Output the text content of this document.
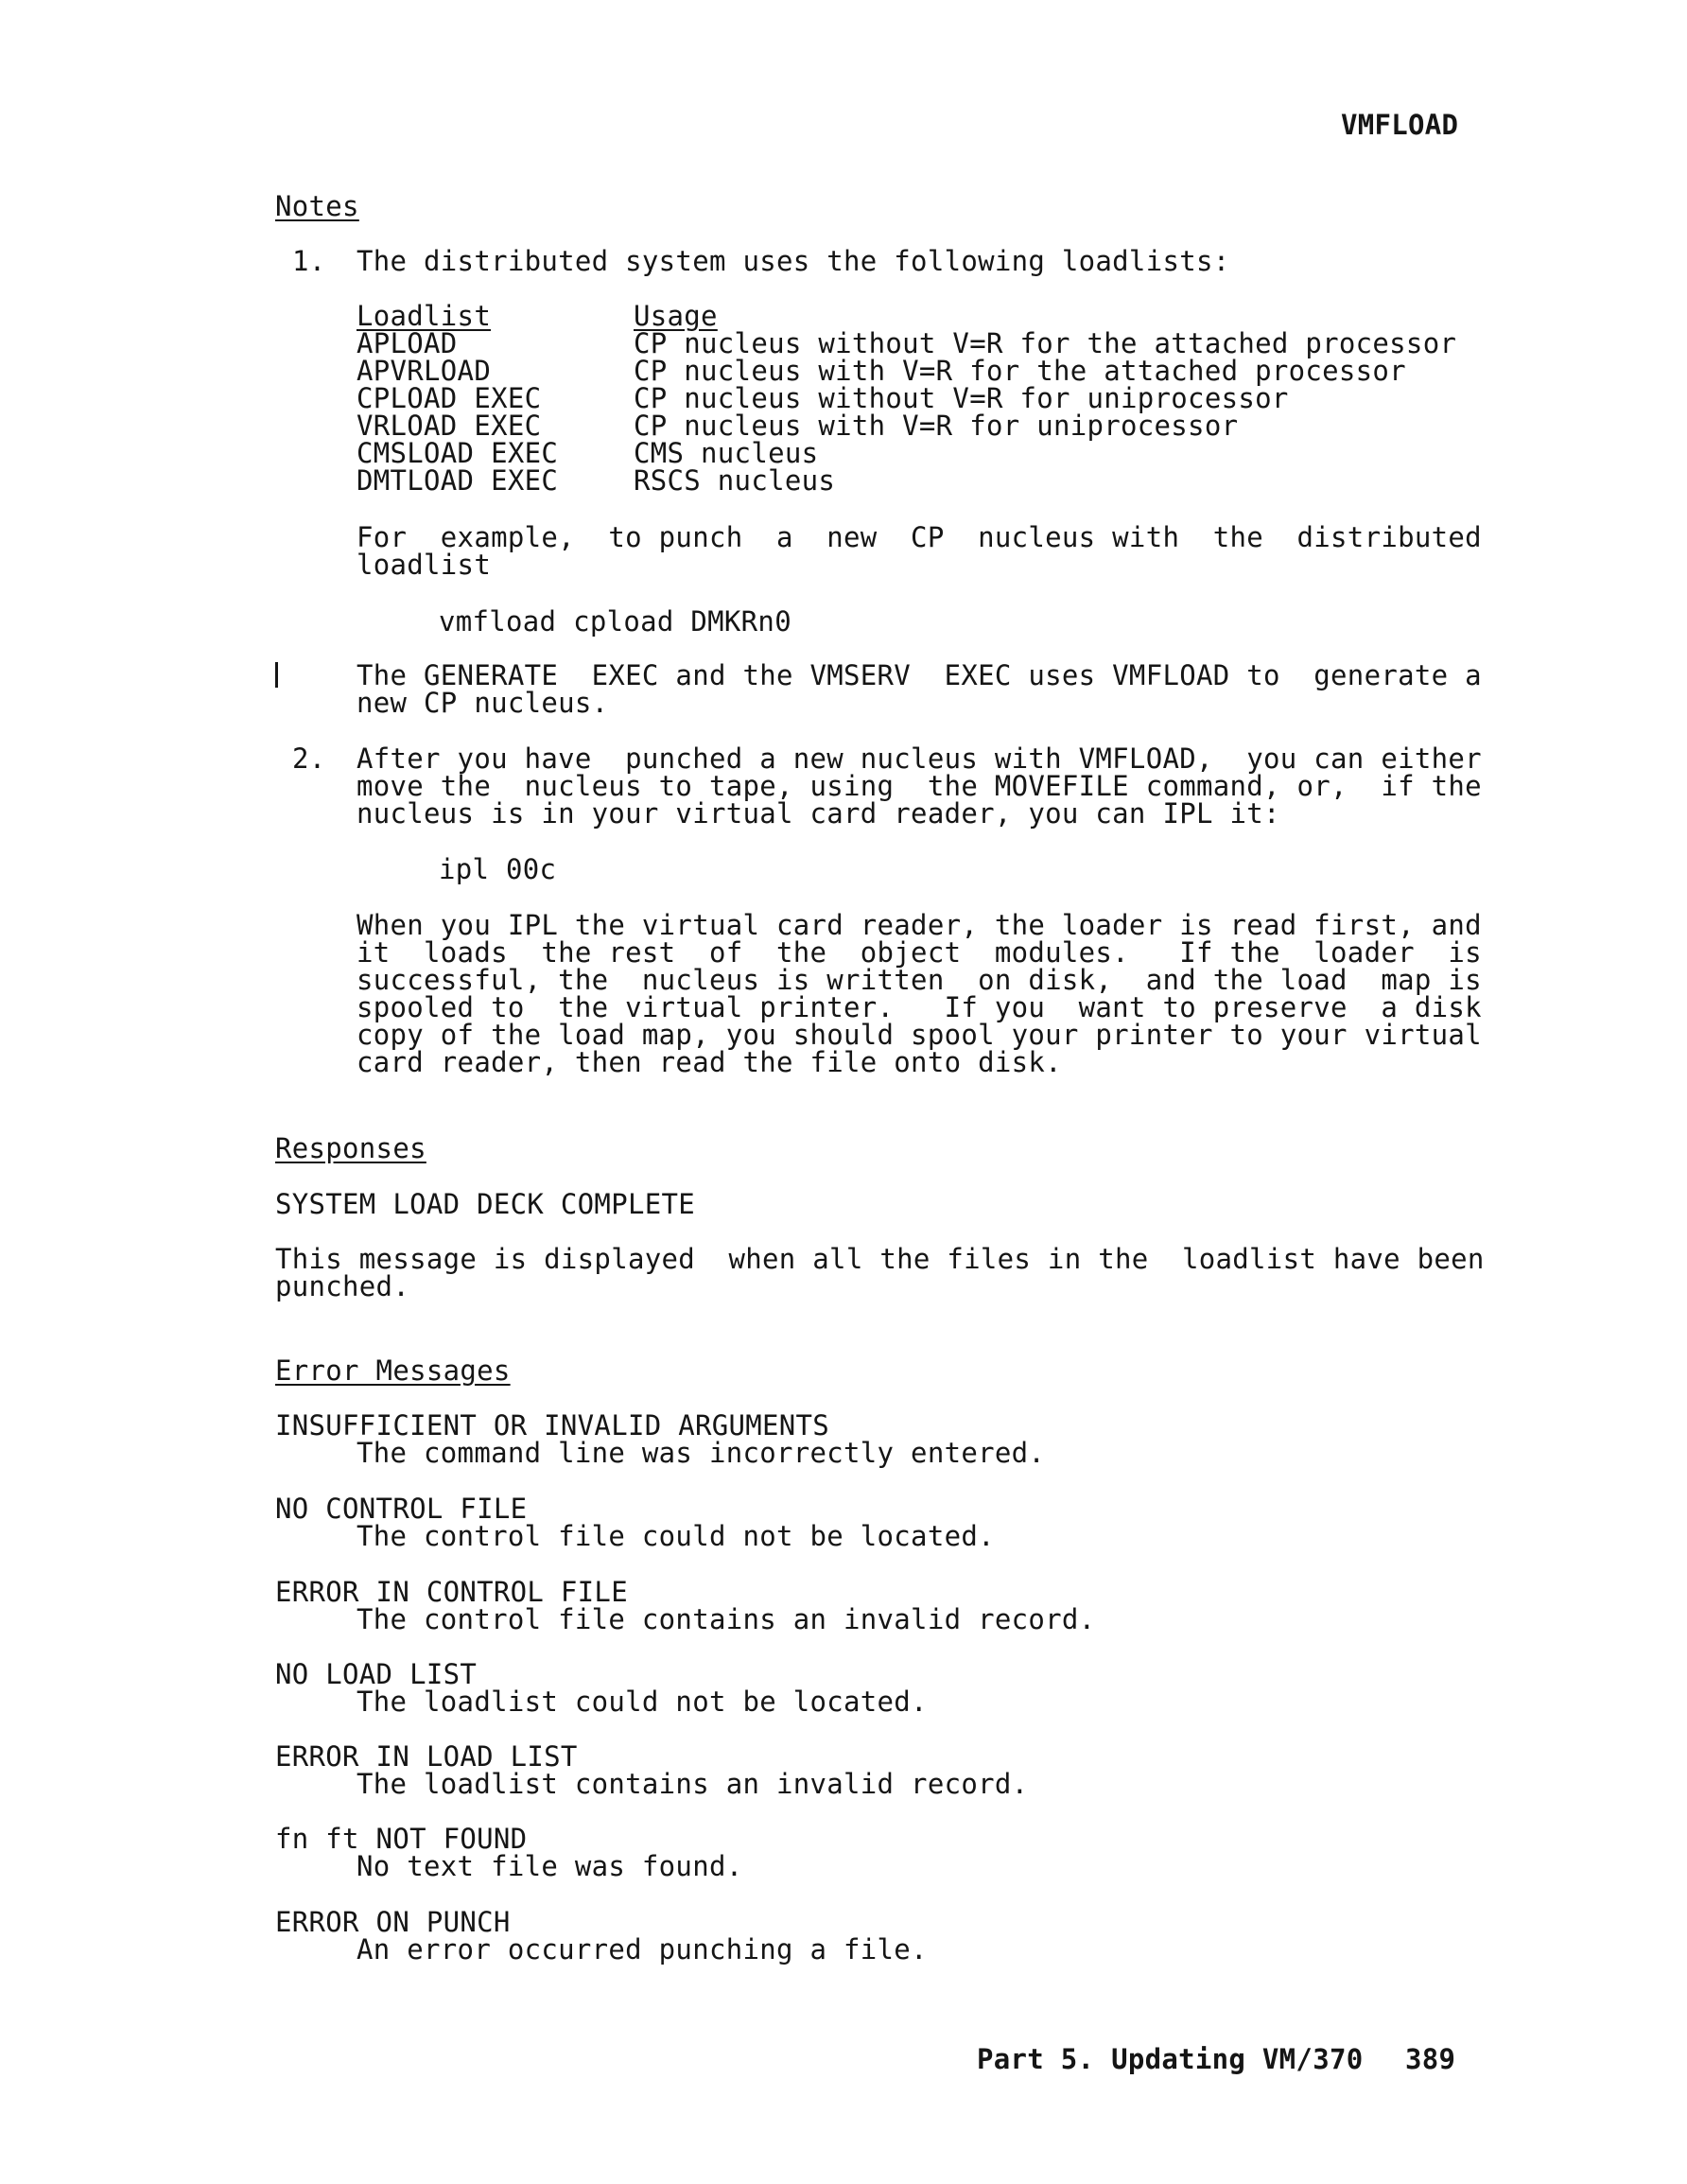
VMFLOAD
Notes
1. The distributed system uses the following loadlists:
Loadlist	Usage
APLOAD	CP nucleus without V=R for the attached processor
APVRLOAD	CP nucleus with V=R for the attached processor
CPLOAD EXEC	CP nucleus without V=R for uniprocessor
VRLOAD EXEC	CP nucleus with V=R for uniprocessor
CMSLOAD EXEC	CMS nucleus
DMTLOAD EXEC	RSCS nucleus
For  example,  to punch  a  new  CP  nucleus with  the  distributed
loadlist
vmfload cpload DMKRn0
The GENERATE  EXEC and the VMSERV  EXEC uses VMFLOAD to  generate a
new CP nucleus.
2. After you have  punched a new nucleus with VMFLOAD,  you can either
move the  nucleus to tape, using  the MOVEFILE command, or,  if the
nucleus is in your virtual card reader, you can IPL it:
ipl 00c
When you IPL the virtual card reader, the loader is read first, and
it  loads  the rest  of  the  object  modules.   If the  loader  is
successful, the  nucleus is written  on disk,  and the load  map is
spooled to  the virtual printer.   If you  want to preserve  a disk
copy of the load map, you should spool your printer to your virtual
card reader, then read the file onto disk.
Responses
SYSTEM LOAD DECK COMPLETE
This message is displayed  when all the files in the  loadlist have been
punched.
Error Messages
INSUFFICIENT OR INVALID ARGUMENTS
The command line was incorrectly entered.
NO CONTROL FILE
The control file could not be located.
ERROR IN CONTROL FILE
The control file contains an invalid record.
NO LOAD LIST
The loadlist could not be located.
ERROR IN LOAD LIST
The loadlist contains an invalid record.
fn ft NOT FOUND
No text file was found.
ERROR ON PUNCH
An error occurred punching a file.
Part 5. Updating VM/370 389
